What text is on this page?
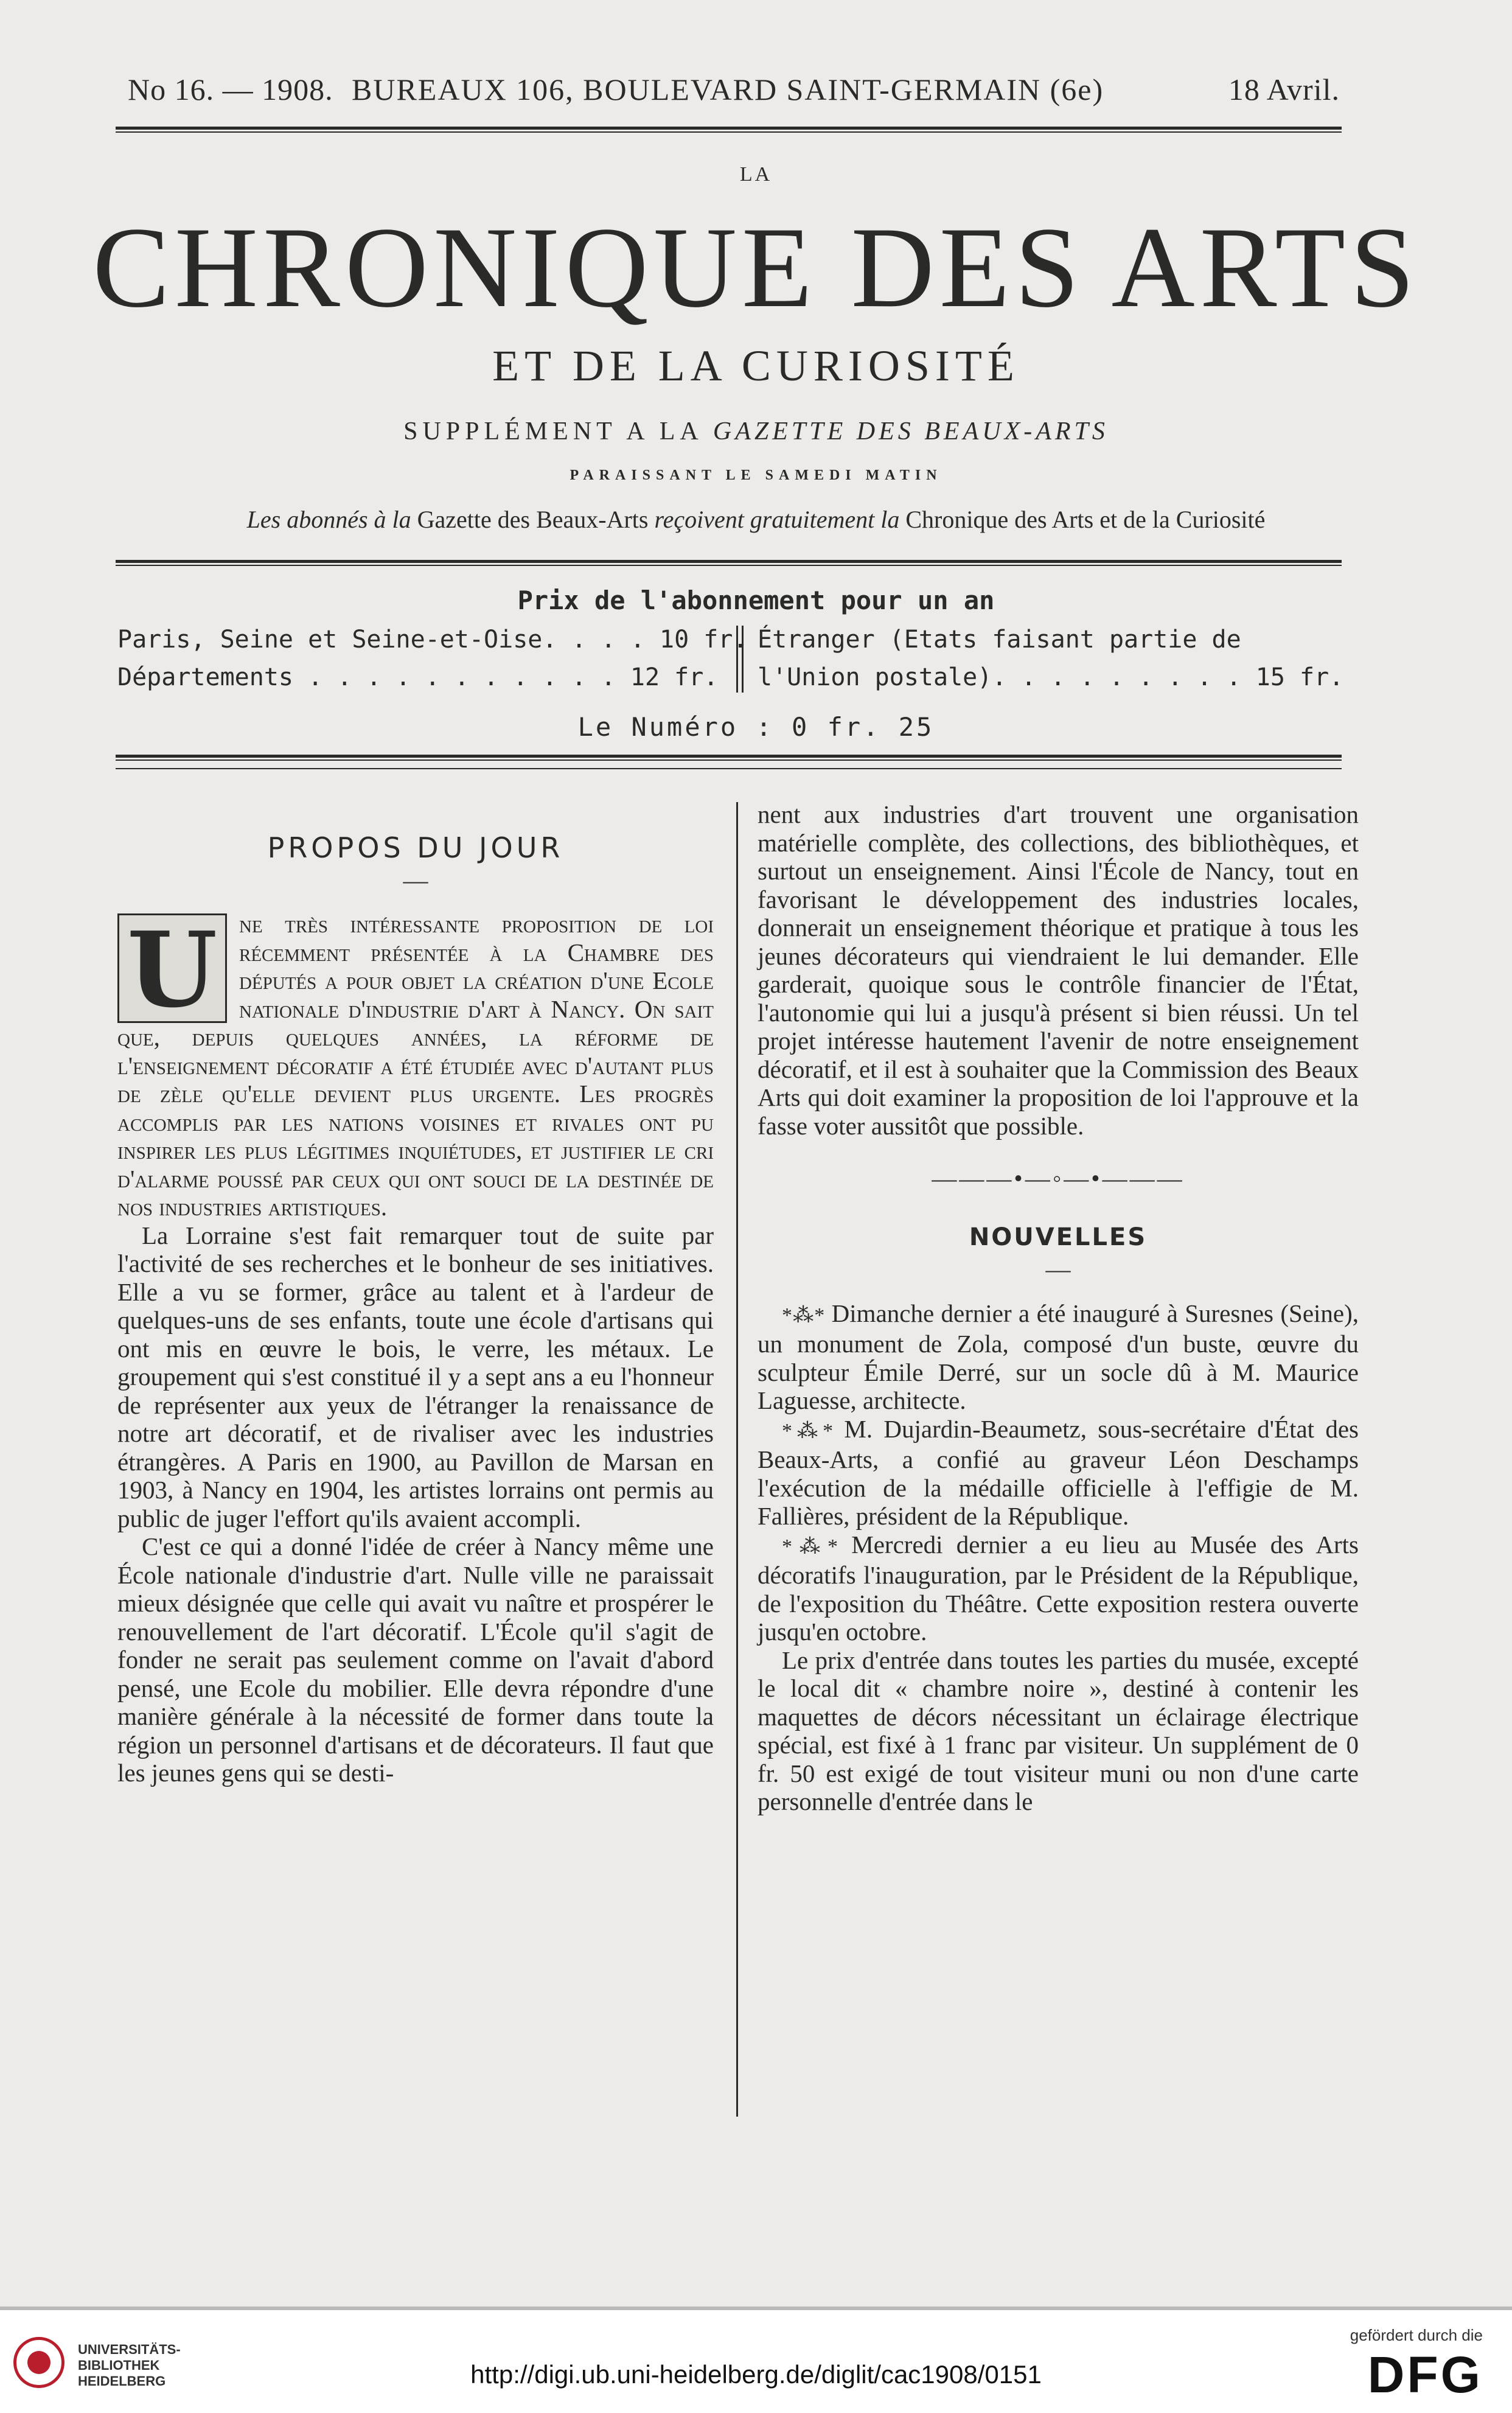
No 16. — 1908. BUREAUX 106, BOULEVARD SAINT-GERMAIN (6e)	18 Avril.
LA
CHRONIQUE DES ARTS
ET DE LA CURIOSITÉ
SUPPLÉMENT A LA GAZETTE DES BEAUX-ARTS
PARAISSANT LE SAMEDI MATIN
Les abonnés à la Gazette des Beaux-Arts reçoivent gratuitement la Chronique des Arts et de la Curiosité
Prix de l'abonnement pour un an
Paris, Seine et Seine-et-Oise. . . . 10 fr.
Départements . . . . . . . . . . . 12 fr.
Étranger (Etats faisant partie de
l'Union postale). . . . . . . . . 15 fr.
Le Numéro : 0 fr. 25
PROPOS DU JOUR
—

U ne très intéressante proposition de loi récemment présentée à la Chambre des députés a pour objet la création d'une Ecole nationale d'industrie d'art à Nancy. On sait que, depuis quelques années, la réforme de l'enseignement décoratif a été étudiée avec d'autant plus de zèle qu'elle devient plus urgente. Les progrès accomplis par les nations voisines et rivales ont pu inspirer les plus légitimes inquiétudes, et justifier le cri d'alarme poussé par ceux qui ont souci de la destinée de nos industries artistiques.

La Lorraine s'est fait remarquer tout de suite par l'activité de ses recherches et le bonheur de ses initiatives. Elle a vu se former, grâce au talent et à l'ardeur de quelques-uns de ses enfants, toute une école d'artisans qui ont mis en œuvre le bois, le verre, les métaux. Le groupement qui s'est constitué il y a sept ans a eu l'honneur de représenter aux yeux de l'étranger la renaissance de notre art décoratif, et de rivaliser avec les industries étrangères. A Paris en 1900, au Pavillon de Marsan en 1903, à Nancy en 1904, les artistes lorrains ont permis au public de juger l'effort qu'ils avaient accompli.

C'est ce qui a donné l'idée de créer à Nancy même une École nationale d'industrie d'art. Nulle ville ne paraissait mieux désignée que celle qui avait vu naître et prospérer le renouvellement de l'art décoratif. L'École qu'il s'agit de fonder ne serait pas seulement comme on l'avait d'abord pensé, une Ecole du mobilier. Elle devra répondre d'une manière générale à la nécessité de former dans toute la région un personnel d'artisans et de décorateurs. Il faut que les jeunes gens qui se desti-

nent aux industries d'art trouvent une organisation matérielle complète, des collections, des bibliothèques, et surtout un enseignement. Ainsi l'École de Nancy, tout en favorisant le développement des industries locales, donnerait un enseignement théorique et pratique à tous les jeunes décorateurs qui viendraient le lui demander. Elle garderait, quoique sous le contrôle financier de l'État, l'autonomie qui lui a jusqu'à présent si bien réussi. Un tel projet intéresse hautement l'avenir de notre enseignement décoratif, et il est à souhaiter que la Commission des Beaux Arts qui doit examiner la proposition de loi l'approuve et la fasse voter aussitôt que possible.

———•—◦—•———
NOUVELLES
—

*⁂* Dimanche dernier a été inauguré à Suresnes (Seine), un monument de Zola, composé d'un buste, œuvre du sculpteur Émile Derré, sur un socle dû à M. Maurice Laguesse, architecte.

*⁂* M. Dujardin-Beaumetz, sous-secrétaire d'État des Beaux-Arts, a confié au graveur Léon Deschamps l'exécution de la médaille officielle à l'effigie de M. Fallières, président de la République.

*⁂* Mercredi dernier a eu lieu au Musée des Arts décoratifs l'inauguration, par le Président de la République, de l'exposition du Théâtre. Cette exposition restera ouverte jusqu'en octobre.

Le prix d'entrée dans toutes les parties du musée, excepté le local dit « chambre noire », destiné à contenir les maquettes de décors nécessitant un éclairage électrique spécial, est fixé à 1 franc par visiteur. Un supplément de 0 fr. 50 est exigé de tout visiteur muni ou non d'une carte personnelle d'entrée dans le

UNIVERSITÄTS-
BIBLIOTHEK
HEIDELBERG	http://digi.ub.uni-heidelberg.de/diglit/cac1908/0151
gefördert durch die
DFG
